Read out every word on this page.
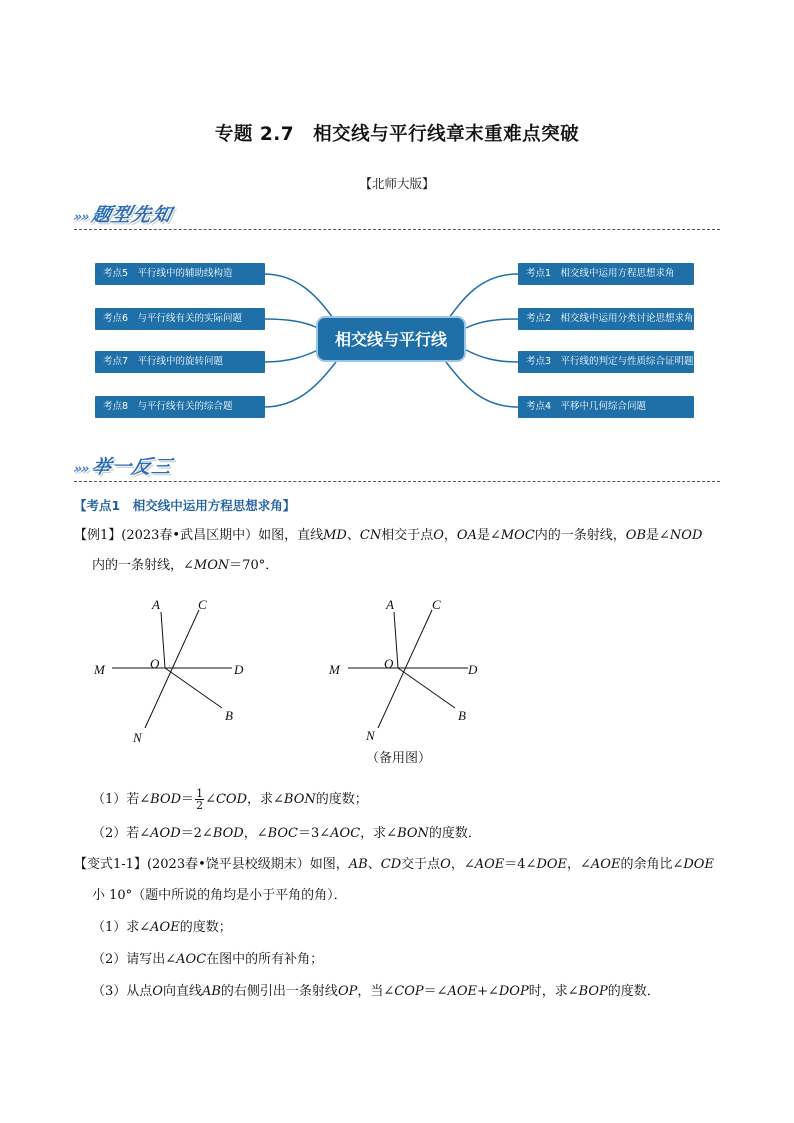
专题 2.7　相交线与平行线章末重难点突破
【北师大版】
»»题型先知
考点5　平行线中的辅助线构造
考点6　与平行线有关的实际问题
考点7　平行线中的旋转问题
考点8　与平行线有关的综合题
考点1　相交线中运用方程思想求角
考点2　相交线中运用分类讨论思想求角
考点3　平行线的判定与性质综合证明题
考点4　平移中几何综合问题
相交线与平行线
»»举一反三
【考点1　相交线中运用方程思想求角】
【例1】(2023春•武昌区期中）如图，直线MD、CN相交于点O，OA是∠MOC内的一条射线，OB是∠NOD
内的一条射线，∠MON＝70°．
A	C
M	O	D
B
N
A	C
M	O	D
B
N
（备用图）
（1）若∠BOD＝ $\frac{1}{2}$ ∠COD，求∠BON的度数；
（2）若∠AOD＝2∠BOD，∠BOC＝3∠AOC，求∠BON的度数．
【变式1-1】(2023春•饶平县校级期末）如图，AB、CD交于点O，∠AOE＝4∠DOE，∠AOE的余角比∠DOE
小 10°（题中所说的角均是小于平角的角）．
（1）求∠AOE的度数；
（2）请写出∠AOC在图中的所有补角；
（3）从点O向直线AB的右侧引出一条射线OP，当∠COP＝∠AOE+∠DOP时，求∠BOP的度数．
